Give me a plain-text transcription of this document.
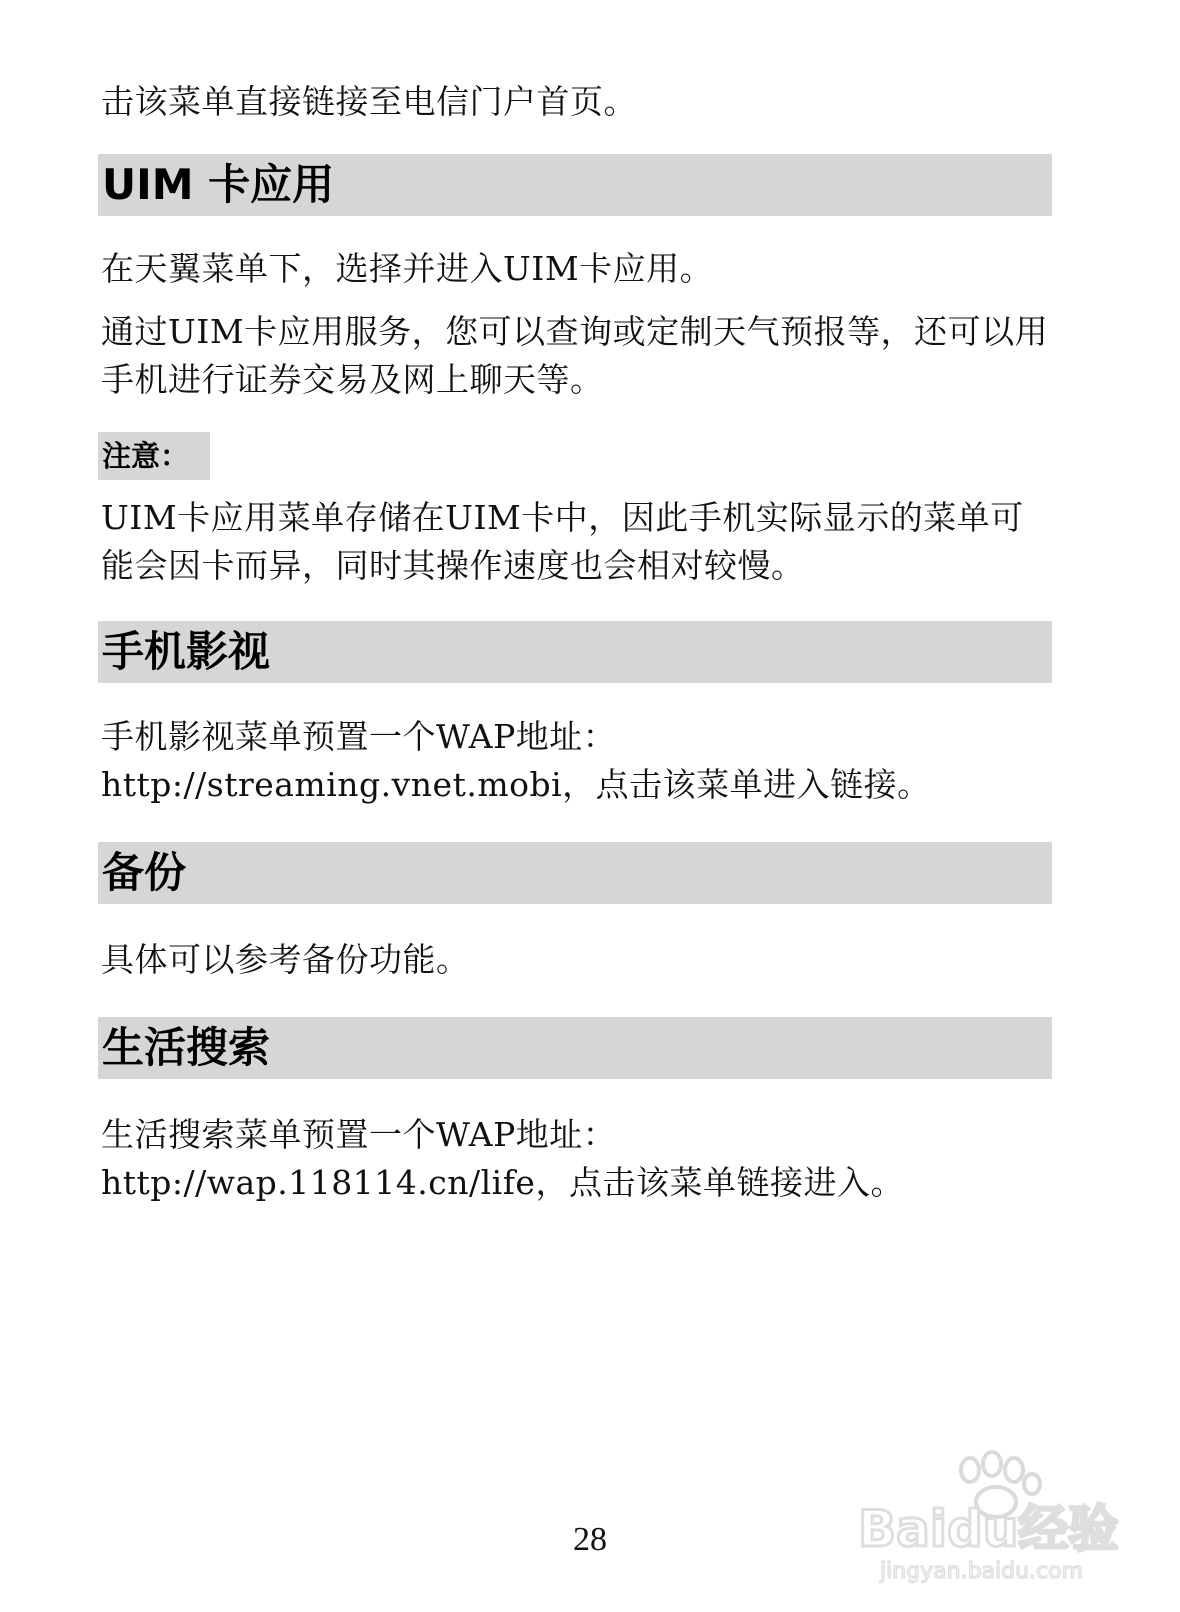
击该菜单直接链接至电信门户首页。

UIM 卡应用

在天翼菜单下，选择并进入UIM卡应用。

通过UIM卡应用服务，您可以查询或定制天气预报等，还可以用手机进行证券交易及网上聊天等。

注意：

UIM卡应用菜单存储在UIM卡中，因此手机实际显示的菜单可能会因卡而异，同时其操作速度也会相对较慢。

手机影视

手机影视菜单预置一个WAP地址：http://streaming.vnet.mobi，点击该菜单进入链接。

备份

具体可以参考备份功能。

生活搜索

生活搜索菜单预置一个WAP地址：http://wap.118114.cn/life，点击该菜单链接进入。

28	Baidu经验
jingyan.baidu.com
